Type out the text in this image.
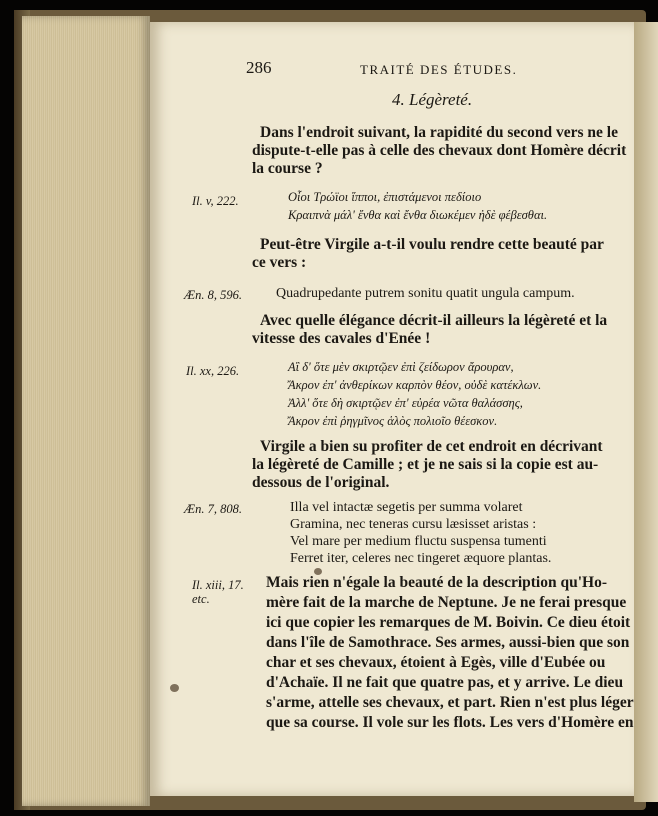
286	TRAITÉ DES ÉTUDES.
4. Légèreté.
Dans l'endroit suivant, la rapidité du second vers ne le
dispute-t-elle pas à celle des chevaux dont Homère décrit
la course ?
Il. v, 222.	Οἷοι Τρώϊοι ἵπποι, ἐπιστάμενοι πεδίοιο
Κραιπνὰ μάλ' ἔνθα καὶ ἔνθα διωκέμεν ἠδὲ φέβεσθαι.
Peut-être Virgile a-t-il voulu rendre cette beauté par
ce vers :
Æn. 8, 596. Quadrupedante putrem sonitu quatit ungula campum.
Avec quelle élégance décrit-il ailleurs la légèreté et la
vitesse des cavales d'Enée !
Il. xx, 226.	Αἳ δ' ὅτε μὲν σκιρτῷεν ἐπὶ ζείδωρον ἄρουραν,
Ἄκρον ἐπ' ἀνθερίκων καρπὸν θέον, οὐδὲ κατέκλων.
Ἀλλ' ὅτε δὴ σκιρτῷεν ἐπ' εὐρέα νῶτα θαλάσσης,
Ἄκρον ἐπὶ ῥηγμῖνος ἁλὸς πολιοῖο θέεσκον.
Virgile a bien su profiter de cet endroit en décrivant
la légèreté de Camille ; et je ne sais si la copie est au-
dessous de l'original.
Æn. 7, 808.	Illa vel intactæ segetis per summa volaret
Gramina, nec teneras cursu læsisset aristas :
Vel mare per medium fluctu suspensa tumenti
Ferret iter, celeres nec tingeret æquore plantas.
Il. xiii, 17.
etc.
Mais rien n'égale la beauté de la description qu'Ho-
mère fait de la marche de Neptune. Je ne ferai presque
ici que copier les remarques de M. Boivin. Ce dieu étoit
dans l'île de Samothrace. Ses armes, aussi-bien que son
char et ses chevaux, étoient à Egès, ville d'Eubée ou
d'Achaïe. Il ne fait que quatre pas, et y arrive. Le dieu
s'arme, attelle ses chevaux, et part. Rien n'est plus léger
que sa course. Il vole sur les flots. Les vers d'Homère en
